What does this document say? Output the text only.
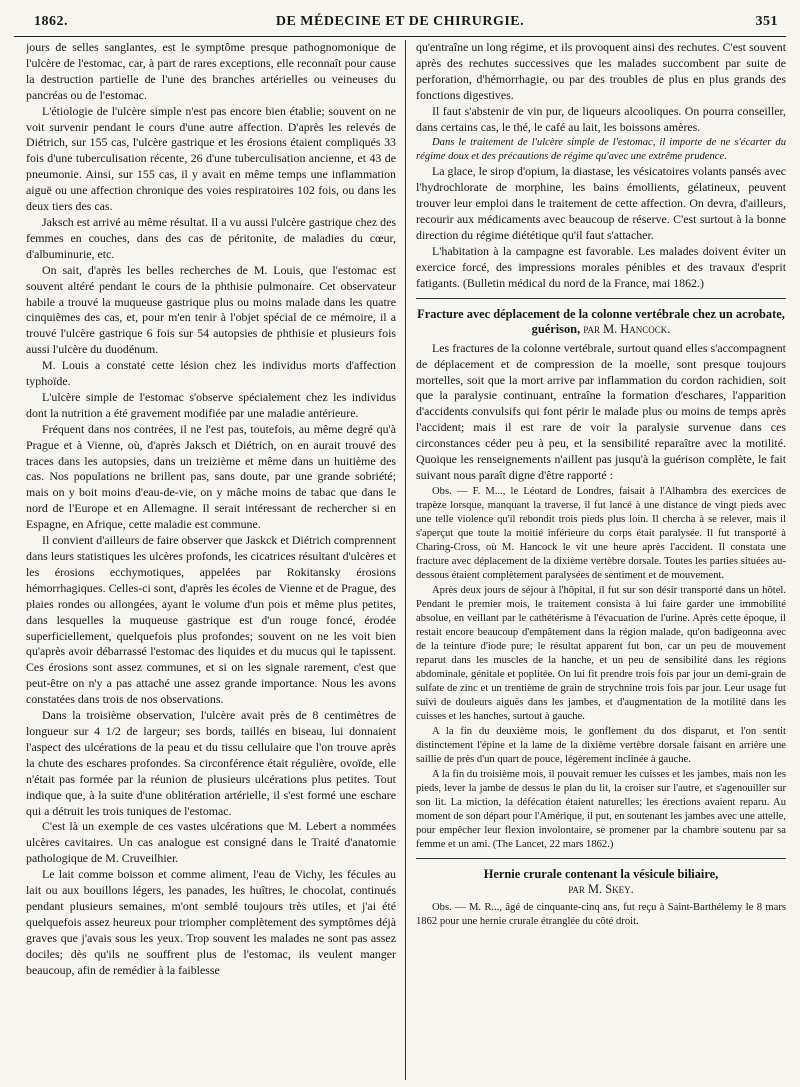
1862.	DE MÉDECINE ET DE CHIRURGIE.	351

jours de selles sanglantes, est le symptôme presque pathognomonique de l'ulcère de l'estomac, car, à part de rares exceptions, elle reconnaît pour cause la destruction partielle de l'une des branches artérielles ou veineuses du pancréas ou de l'estomac.

L'étiologie de l'ulcère simple n'est pas encore bien établie; souvent on ne voit survenir pendant le cours d'une autre affection. D'après les relevés de Diétrich, sur 155 cas, l'ulcère gastrique et les érosions étaient compliqués 33 fois d'une tuberculisation récente, 26 d'une tuberculisation ancienne, et 43 de pneumonie. Ainsi, sur 155 cas, il y avait en même temps une inflammation aiguë ou une affection chronique des voies respiratoires 102 fois, ou dans les deux tiers des cas.

Jaksch est arrivé au même résultat. Il a vu aussi l'ulcère gastrique chez des femmes en couches, dans des cas de péritonite, de maladies du cœur, d'albuminurie, etc.

On sait, d'après les belles recherches de M. Louis, que l'estomac est souvent altéré pendant le cours de la phthisie pulmonaire. Cet observateur habile a trouvé la muqueuse gastrique plus ou moins malade dans les quatre cinquièmes des cas, et, pour m'en tenir à l'objet spécial de ce mémoire, il a trouvé l'ulcère gastrique 6 fois sur 54 autopsies de phthisie et plusieurs fois aussi l'ulcère du duodénum.

M. Louis a constaté cette lésion chez les individus morts d'affection typhoïde.

L'ulcère simple de l'estomac s'observe spécialement chez les individus dont la nutrition a été gravement modifiée par une maladie antérieure.

Fréquent dans nos contrées, il ne l'est pas, toutefois, au même degré qu'à Prague et à Vienne, où, d'après Jaksch et Diétrich, on en aurait trouvé des traces dans les autopsies, dans un treizième et même dans un huitième des cas. Nos populations ne brillent pas, sans doute, par une grande sobriété; mais on y boit moins d'eau-de-vie, on y mâche moins de tabac que dans le nord de l'Europe et en Allemagne. Il serait intéressant de rechercher si en Espagne, en Afrique, cette maladie est commune.

Il convient d'ailleurs de faire observer que Jaskck et Diétrich comprennent dans leurs statistiques les ulcères profonds, les cicatrices résultant d'ulcères et les érosions ecchymotiques, appelées par Rokitansky érosions hémorrhagiques. Celles-ci sont, d'après les écoles de Vienne et de Prague, des plaies rondes ou allongées, ayant le volume d'un pois et même plus petites, dans lesquelles la muqueuse gastrique est d'un rouge foncé, érodée superficiellement, quelquefois plus profondes; souvent on ne les voit bien qu'après avoir débarrassé l'estomac des liquides et du mucus qui le tapissent. Ces érosions sont assez communes, et si on les signale rarement, c'est que peut-être on n'y a pas attaché une assez grande importance. Nous les avons constatées dans trois de nos observations.

Dans la troisième observation, l'ulcère avait près de 8 centimètres de longueur sur 4 1/2 de largeur; ses bords, taillés en biseau, lui donnaient l'aspect des ulcérations de la peau et du tissu cellulaire que l'on trouve après la chute des eschares profondes. Sa circonférence était régulière, ovoïde, elle n'était pas formée par la réunion de plusieurs ulcérations plus petites. Tout indique que, à la suite d'une oblitération artérielle, il s'est formé une eschare qui a détruit les trois tuniques de l'estomac.

C'est là un exemple de ces vastes ulcérations que M. Lebert a nommées ulcères cavitaires. Un cas analogue est consigné dans le Traité d'anatomie pathologique de M. Cruveilhier.

Le lait comme boisson et comme aliment, l'eau de Vichy, les fécules au lait ou aux bouillons légers, les panades, les huîtres, le chocolat, continués pendant plusieurs semaines, m'ont semblé toujours très utiles, et j'ai été quelquefois assez heureux pour triompher complètement des symptômes déjà graves que j'avais sous les yeux. Trop souvent les malades ne sont pas assez dociles; dès qu'ils ne souffrent plus de l'estomac, ils veulent manger beaucoup, afin de remédier à la faiblesse

qu'entraîne un long régime, et ils provoquent ainsi des rechutes. C'est souvent après des rechutes successives que les malades succombent par suite de perforation, d'hémorrhagie, ou par des troubles de plus en plus grands des fonctions digestives.

Il faut s'abstenir de vin pur, de liqueurs alcooliques. On pourra conseiller, dans certains cas, le thé, le café au lait, les boissons amères.

Dans le traitement de l'ulcère simple de l'estomac, il importe de ne s'écarter du régime doux et des précautions de régime qu'avec une extrême prudence.

La glace, le sirop d'opium, la diastase, les vésicatoires volants pansés avec l'hydrochlorate de morphine, les bains émollients, gélatineux, peuvent trouver leur emploi dans le traitement de cette affection. On devra, d'ailleurs, recourir aux médicaments avec beaucoup de réserve. C'est surtout à la bonne direction du régime diététique qu'il faut s'attacher.

L'habitation à la campagne est favorable. Les malades doivent éviter un exercice forcé, des impressions morales pénibles et des travaux d'esprit fatigants. (Bulletin médical du nord de la France, mai 1862.)

Fracture avec déplacement de la colonne vertébrale chez un acrobate, guérison, par M. Hancock.

Les fractures de la colonne vertébrale, surtout quand elles s'accompagnent de déplacement et de compression de la moelle, sont presque toujours mortelles, soit que la mort arrive par inflammation du cordon rachidien, soit que la paralysie continuant, entraîne la formation d'eschares, l'apparition d'accidents convulsifs qui font périr le malade plus ou moins de temps après l'accident; mais il est rare de voir la paralysie survenue dans ces circonstances céder peu à peu, et la sensibilité reparaître avec la motilité. Quoique les renseignements n'aillent pas jusqu'à la guérison complète, le fait suivant nous paraît digne d'être rapporté :

Obs. — F. M..., le Léotard de Londres, faisait à l'Alhambra des exercices de trapèze lorsque, manquant la traverse, il fut lancé à une distance de vingt pieds avec une telle violence qu'il rebondit trois pieds plus loin. Il chercha à se relever, mais il s'aperçut que toute la moitié inférieure du corps était paralysée. Il fut transporté à Charing-Cross, où M. Hancock le vit une heure après l'accident. Il constata une fracture avec déplacement de la dixième vertèbre dorsale. Toutes les parties situées au-dessous étaient complètement paralysées de sentiment et de mouvement.

Après deux jours de séjour à l'hôpital, il fut sur son désir transporté dans un hôtel. Pendant le premier mois, le traitement consista à lui faire garder une immobilité absolue, en veillant par le cathétérisme à l'évacuation de l'urine. Après cette époque, il restait encore beaucoup d'empâtement dans la région malade, qu'on badigeonna avec de la teinture d'iode pure; le résultat apparent fut bon, car un peu de mouvement reparut dans les muscles de la hanche, et un peu de sensibilité dans les régions abdominale, génitale et poplitée. On lui fit prendre trois fois par jour un demi-grain de sulfate de zinc et un trentième de grain de strychnine trois fois par jour. Leur usage fut suivi de douleurs aiguës dans les jambes, et d'augmentation de la motilité dans les cuisses et les hanches, surtout à gauche.

A la fin du deuxième mois, le gonflement du dos disparut, et l'on sentit distinctement l'épine et la lame de la dixième vertèbre dorsale faisant en arrière une saillie de près d'un quart de pouce, légèrement inclinée à gauche.

A la fin du troisième mois, il pouvait remuer les cuisses et les jambes, mais non les pieds, lever la jambe de dessus le plan du lit, la croiser sur l'autre, et s'agenouiller sur son lit. La miction, la défécation étaient naturelles; les érections avaient reparu. Au moment de son départ pour l'Amérique, il put, en soutenant les jambes avec une attelle, pour empêcher leur flexion involontaire, se promener par la chambre soutenu par sa femme et un ami. (The Lancet, 22 mars 1862.)

Hernie crurale contenant la vésicule biliaire,
par M. Skey.

Obs. — M. R..., âgé de cinquante-cinq ans, fut reçu à Saint-Barthélemy le 8 mars 1862 pour une hernie crurale étranglée du côté droit.
